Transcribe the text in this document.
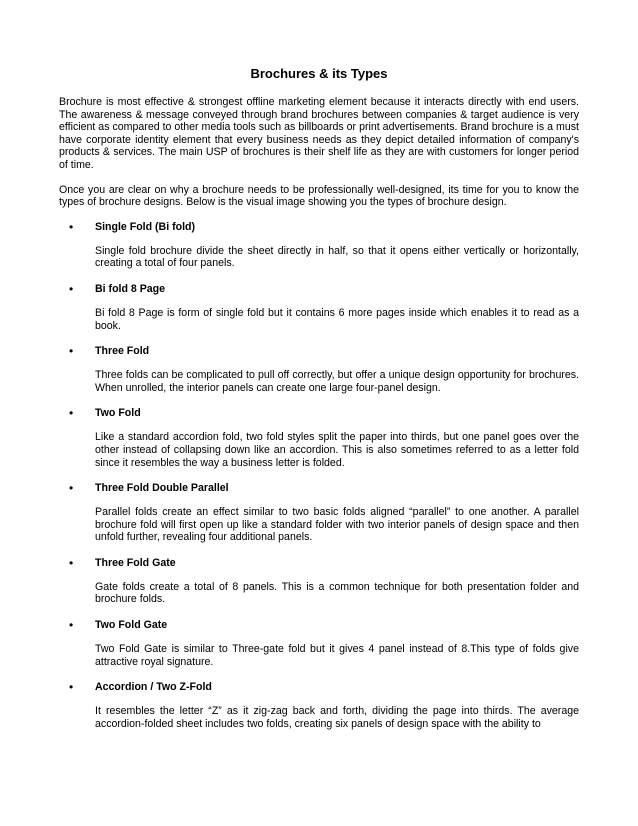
Brochures & its Types

Brochure is most effective & strongest offline marketing element because it interacts directly with end users. The awareness & message conveyed through brand brochures between companies & target audience is very efficient as compared to other media tools such as billboards or print advertisements. Brand brochure is a must have corporate identity element that every business needs as they depict detailed information of company's products & services. The main USP of brochures is their shelf life as they are with customers for longer period of time.

Once you are clear on why a brochure needs to be professionally well-designed, its time for you to know the types of brochure designs. Below is the visual image showing you the types of brochure design.

• Single Fold (Bi fold)
Single fold brochure divide the sheet directly in half, so that it opens either vertically or horizontally, creating a total of four panels.
• Bi fold 8 Page
Bi fold 8 Page is form of single fold but it contains 6 more pages inside which enables it to read as a book.
• Three Fold
Three folds can be complicated to pull off correctly, but offer a unique design opportunity for brochures. When unrolled, the interior panels can create one large four-panel design.
• Two Fold
Like a standard accordion fold, two fold styles split the paper into thirds, but one panel goes over the other instead of collapsing down like an accordion. This is also sometimes referred to as a letter fold since it resembles the way a business letter is folded.
• Three Fold Double Parallel
Parallel folds create an effect similar to two basic folds aligned “parallel” to one another. A parallel brochure fold will first open up like a standard folder with two interior panels of design space and then unfold further, revealing four additional panels.
• Three Fold Gate
Gate folds create a total of 8 panels. This is a common technique for both presentation folder and brochure folds.
• Two Fold Gate
Two Fold Gate is similar to Three-gate fold but it gives 4 panel instead of 8.This type of folds give attractive royal signature.
• Accordion / Two Z-Fold
It resembles the letter “Z” as it zig-zag back and forth, dividing the page into thirds. The average accordion-folded sheet includes two folds, creating six panels of design space with the ability to
